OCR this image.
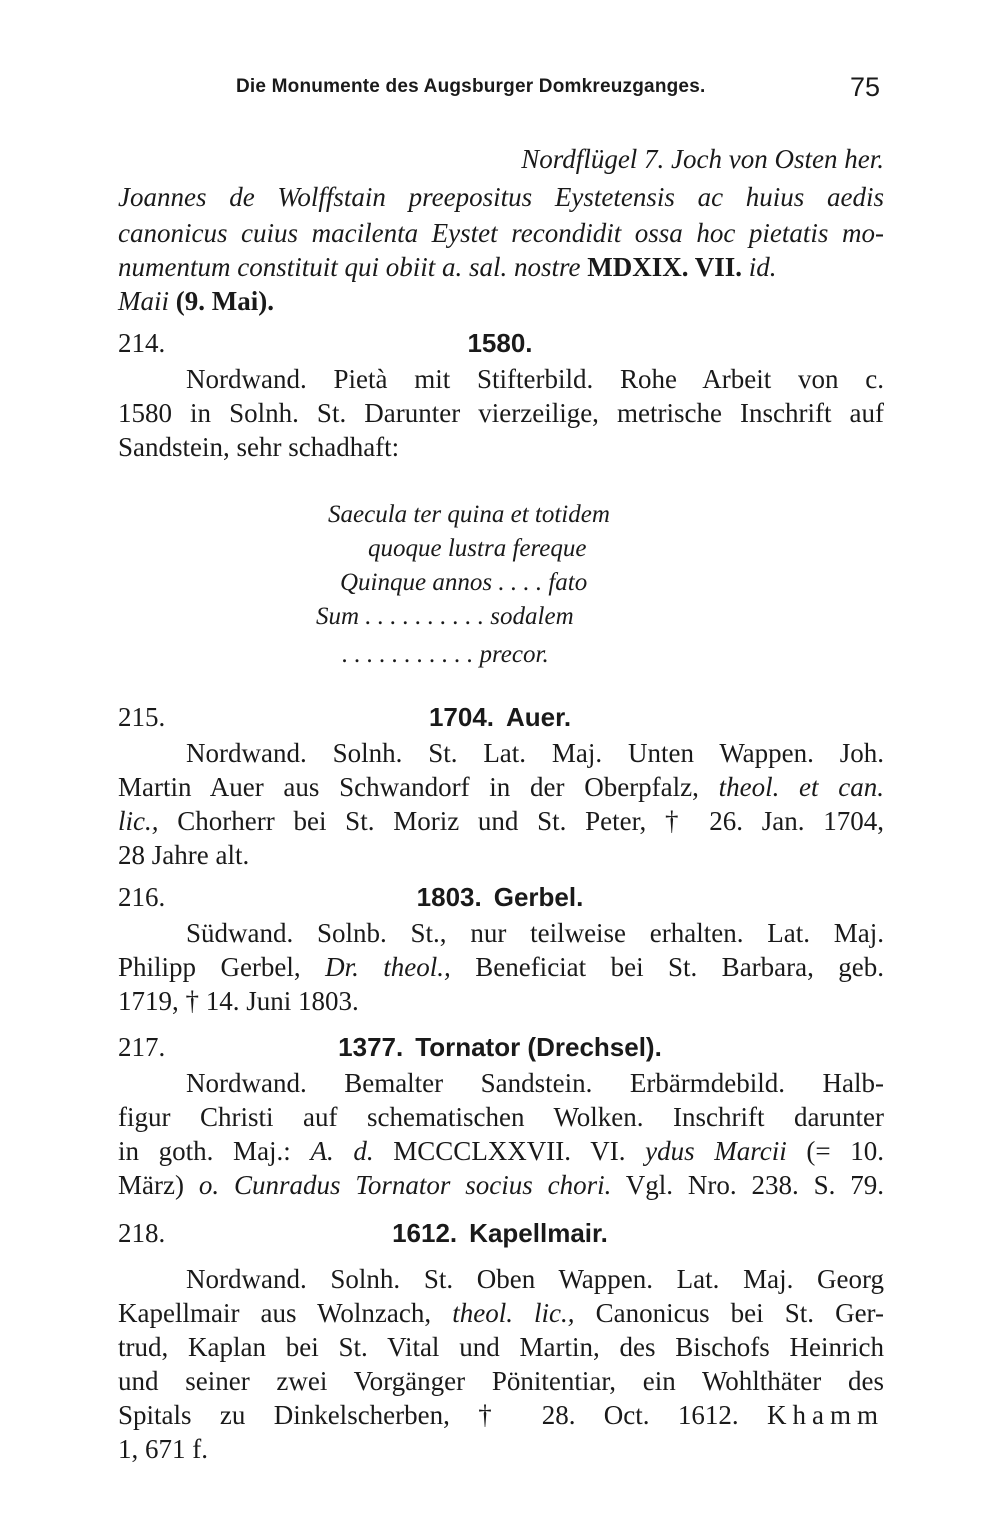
Die Monumente des Augsburger Domkreuzganges.	75
Nordflügel 7. Joch von Osten her.
Joannes de Wolffstain preepositus Eystetensis ac huius aedis
canonicus cuius macilenta Eystet recondidit ossa hoc pietatis mo-
numentum constituit qui obiit a. sal. nostre MDXIX. VII. id.
Maii (9. Mai).
214.	1580.
Nordwand. Pietà mit Stifterbild. Rohe Arbeit von c.
1580 in Solnh. St. Darunter vierzeilige, metrische Inschrift auf
Sandstein, sehr schadhaft:
Saecula ter quina et totidem
quoque lustra fereque
Quinque annos . . . . fato
Sum . . . . . . . . . . sodalem
. . . . . . . . . . . precor.
215.	1704. Auer.
Nordwand. Solnh. St. Lat. Maj. Unten Wappen. Joh.
Martin Auer aus Schwandorf in der Oberpfalz, theol. et can.
lic., Chorherr bei St. Moriz und St. Peter, † 26. Jan. 1704,
28 Jahre alt.
216.	1803. Gerbel.
Südwand. Solnb. St., nur teilweise erhalten. Lat. Maj.
Philipp Gerbel, Dr. theol., Beneficiat bei St. Barbara, geb.
1719, † 14. Juni 1803.
217.	1377. Tornator (Drechsel).
Nordwand. Bemalter Sandstein. Erbärmdebild. Halb-
figur Christi auf schematischen Wolken. Inschrift darunter
in goth. Maj.: A. d. MCCCLXXVII. VI. ydus Marcii (= 10.
März) o. Cunradus Tornator socius chori. Vgl. Nro. 238. S. 79.
218.	1612. Kapellmair.
Nordwand. Solnh. St. Oben Wappen. Lat. Maj. Georg
Kapellmair aus Wolnzach, theol. lic., Canonicus bei St. Ger-
trud, Kaplan bei St. Vital und Martin, des Bischofs Heinrich
und seiner zwei Vorgänger Pönitentiar, ein Wohlthäter des
Spitals zu Dinkelscherben, † 28. Oct. 1612. Khamm
1, 671 f.
